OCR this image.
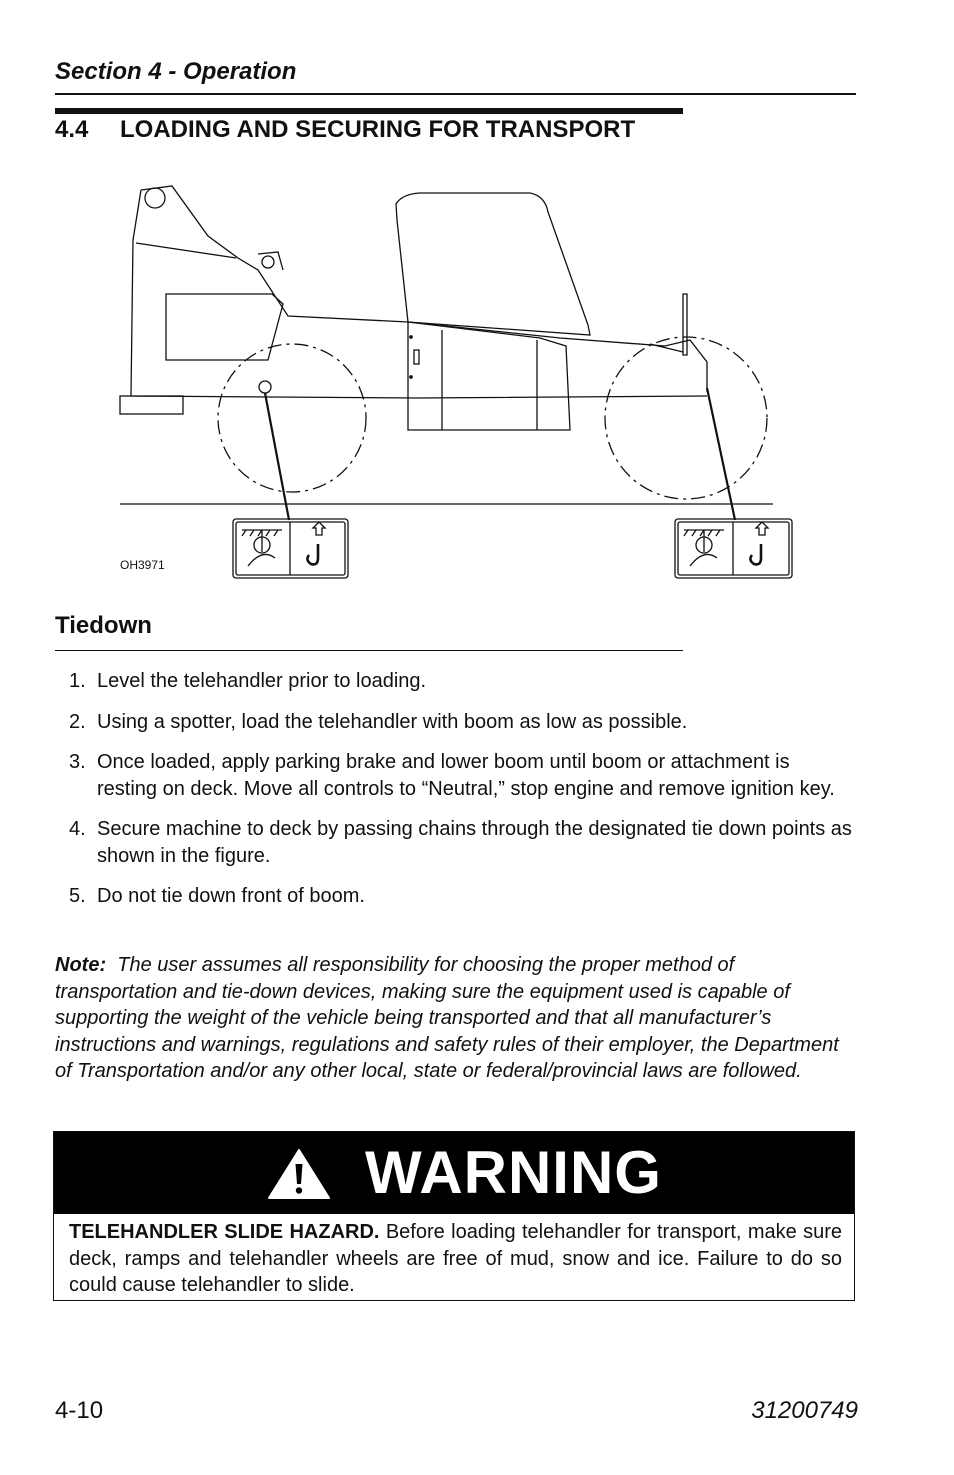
Section 4 - Operation
4.4 LOADING AND SECURING FOR TRANSPORT
OH3971
Tiedown
1. Level the telehandler prior to loading.
2. Using a spotter, load the telehandler with boom as low as possible.
3. Once loaded, apply parking brake and lower boom until boom or attachment is resting on deck. Move all controls to “Neutral,” stop engine and remove ignition key.
4. Secure machine to deck by passing chains through the designated tie down points as shown in the figure.
5. Do not tie down front of boom.
Note: The user assumes all responsibility for choosing the proper method of transportation and tie-down devices, making sure the equipment used is capable of supporting the weight of the vehicle being transported and that all manufacturer’s instructions and warnings, regulations and safety rules of their employer, the Department of Transportation and/or any other local, state or federal/provincial laws are followed.
WARNING
TELEHANDLER SLIDE HAZARD. Before loading telehandler for transport, make sure deck, ramps and telehandler wheels are free of mud, snow and ice. Failure to do so could cause telehandler to slide.
4-10	31200749
